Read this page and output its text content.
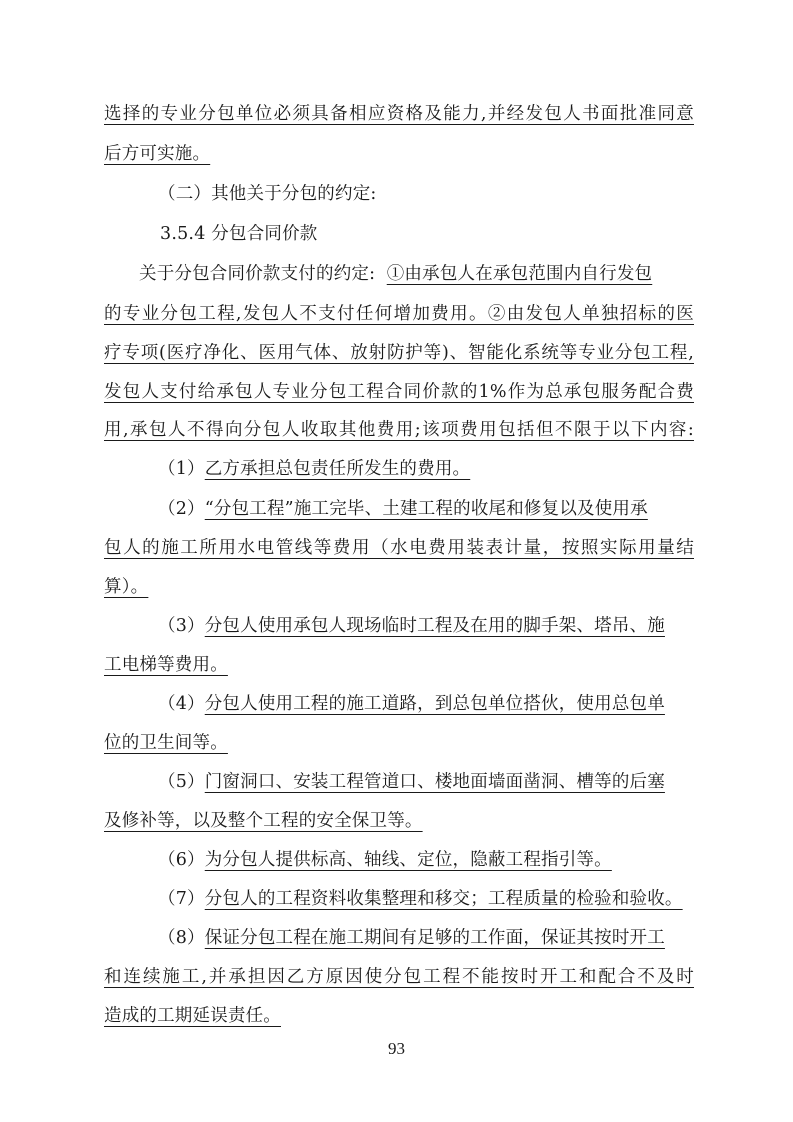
选择的专业分包单位必须具备相应资格及能力,并经发包人书面批准同意
后方可实施。
（二）其他关于分包的约定:
3.5.4 分包合同价款
关于分包合同价款支付的约定: ①由承包人在承包范围内自行发包
的专业分包工程,发包人不支付任何增加费用。②由发包人单独招标的医
疗专项(医疗净化、医用气体、放射防护等)、智能化系统等专业分包工程,
发包人支付给承包人专业分包工程合同价款的1%作为总承包服务配合费
用,承包人不得向分包人收取其他费用;该项费用包括但不限于以下内容:
（1）乙方承担总包责任所发生的费用。
（2）“分包工程”施工完毕、土建工程的收尾和修复以及使用承
包人的施工所用水电管线等费用（水电费用装表计量，按照实际用量结
算）。
（3）分包人使用承包人现场临时工程及在用的脚手架、塔吊、施
工电梯等费用。
（4）分包人使用工程的施工道路，到总包单位搭伙，使用总包单
位的卫生间等。
（5）门窗洞口、安装工程管道口、楼地面墙面凿洞、槽等的后塞
及修补等，以及整个工程的安全保卫等。
（6）为分包人提供标高、轴线、定位，隐蔽工程指引等。
（7）分包人的工程资料收集整理和移交；工程质量的检验和验收。
（8）保证分包工程在施工期间有足够的工作面，保证其按时开工
和连续施工,并承担因乙方原因使分包工程不能按时开工和配合不及时
造成的工期延误责任。
93
